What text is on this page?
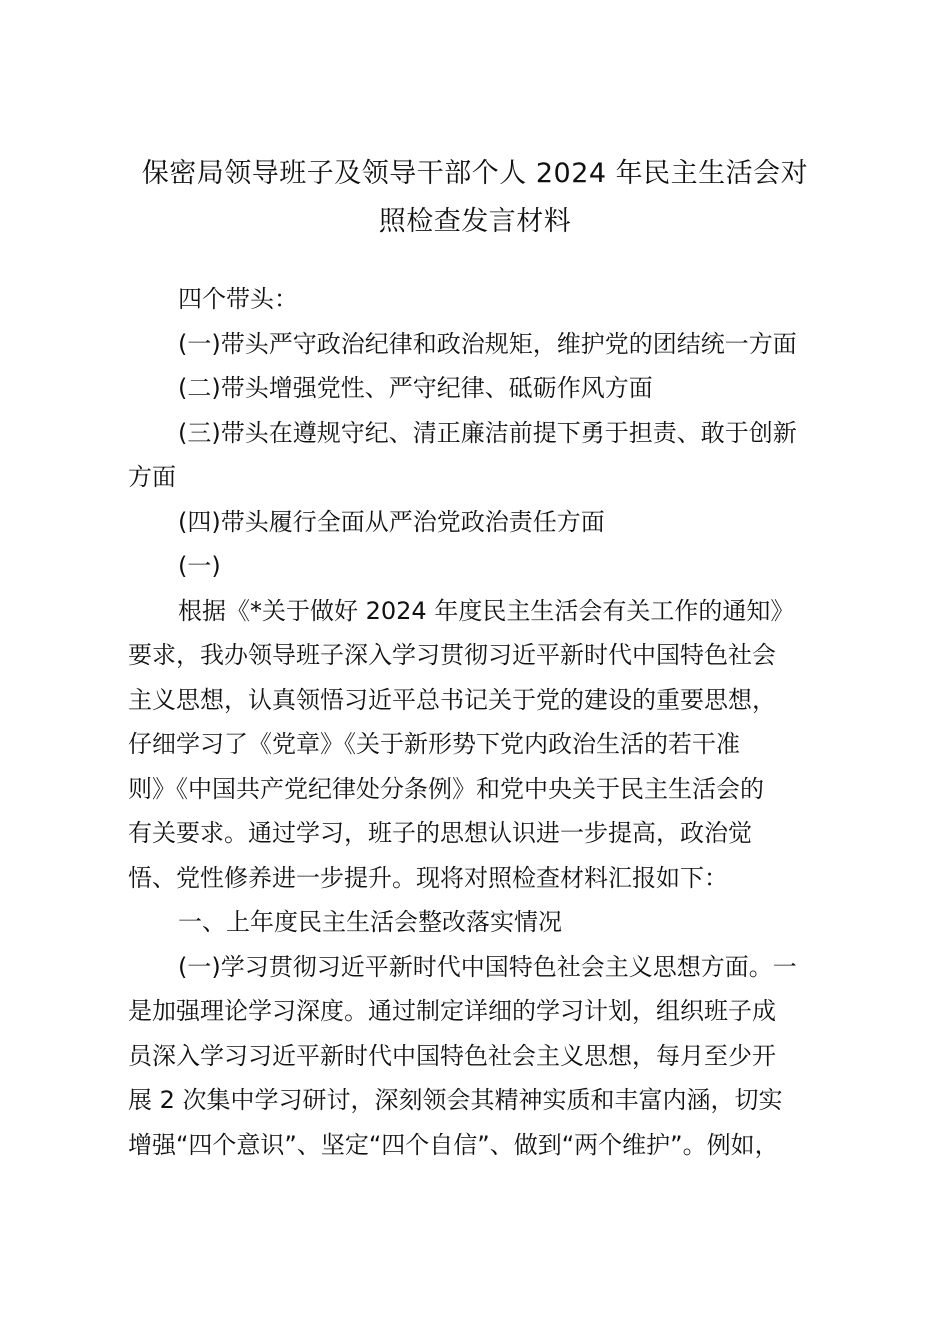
保密局领导班子及领导干部个人 2024 年民主生活会对
照检查发言材料
四个带头：
(一)带头严守政治纪律和政治规矩，维护党的团结统一方面
(二)带头增强党性、严守纪律、砥砺作风方面
(三)带头在遵规守纪、清正廉洁前提下勇于担责、敢于创新
方面
(四)带头履行全面从严治党政治责任方面
(一)
根据《*关于做好 2024 年度民主生活会有关工作的通知》
要求，我办领导班子深入学习贯彻习近平新时代中国特色社会
主义思想，认真领悟习近平总书记关于党的建设的重要思想，
仔细学习了《党章》《关于新形势下党内政治生活的若干准
则》《中国共产党纪律处分条例》和党中央关于民主生活会的
有关要求。通过学习，班子的思想认识进一步提高，政治觉
悟、党性修养进一步提升。现将对照检查材料汇报如下：
一、上年度民主生活会整改落实情况
(一)学习贯彻习近平新时代中国特色社会主义思想方面。一
是加强理论学习深度。通过制定详细的学习计划，组织班子成
员深入学习习近平新时代中国特色社会主义思想，每月至少开
展 2 次集中学习研讨，深刻领会其精神实质和丰富内涵，切实
增强“四个意识”、坚定“四个自信”、做到“两个维护”。例如，
